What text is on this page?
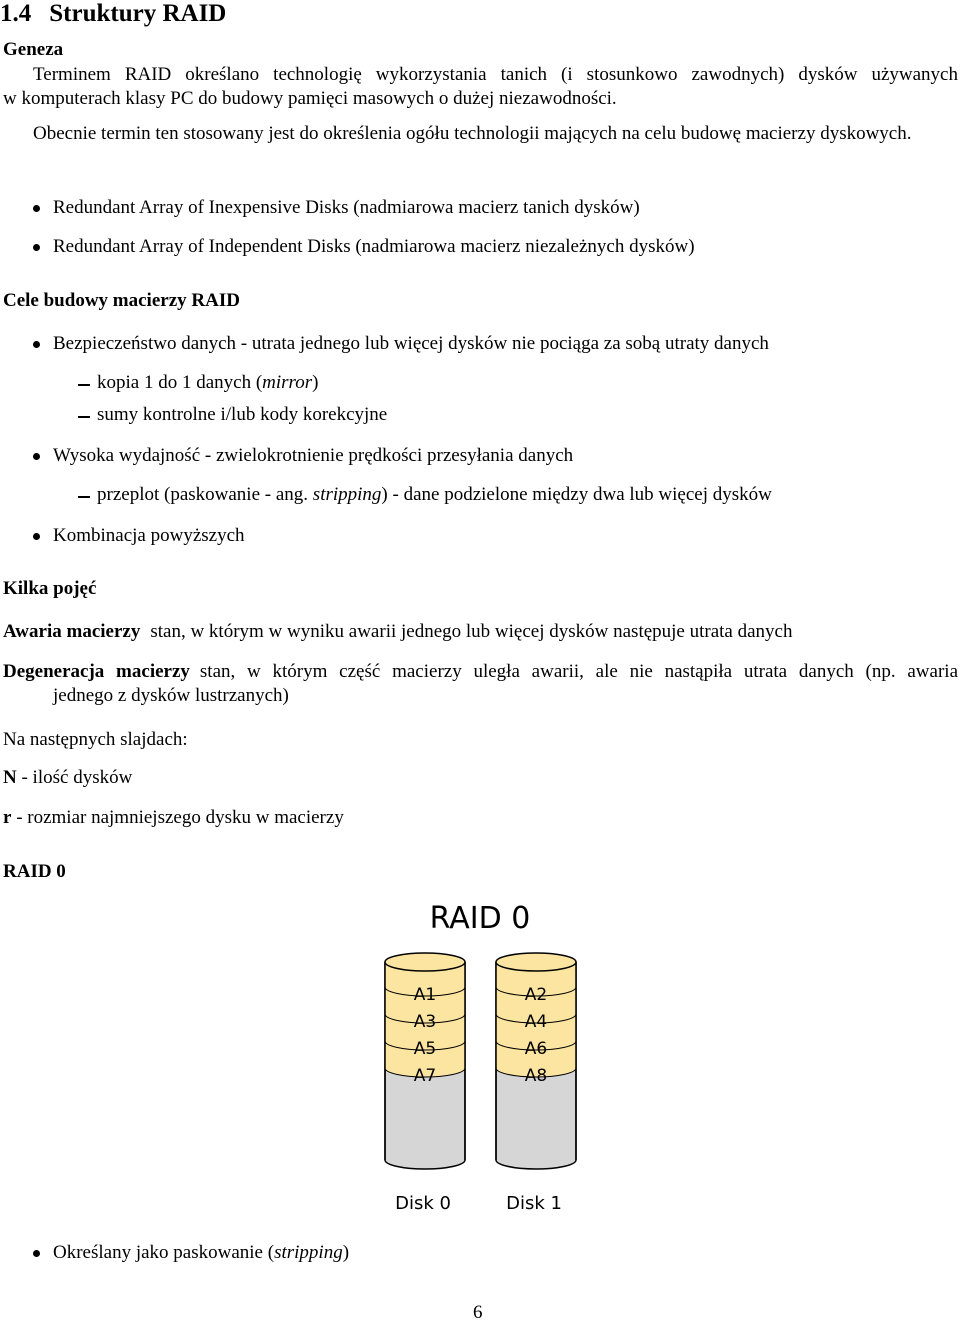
1.4 Struktury RAID
Geneza
Terminem RAID określano technologię wykorzystania tanich (i stosunkowo zawodnych) dysków używanych
w komputerach klasy PC do budowy pamięci masowych o dużej niezawodności.
Obecnie termin ten stosowany jest do określenia ogółu technologii mających na celu budowę macierzy dyskowych.
Redundant Array of Inexpensive Disks (nadmiarowa macierz tanich dysków)
Redundant Array of Independent Disks (nadmiarowa macierz niezależnych dysków)
Cele budowy macierzy RAID
Bezpieczeństwo danych - utrata jednego lub więcej dysków nie pociąga za sobą utraty danych
kopia 1 do 1 danych (mirror)
sumy kontrolne i/lub kody korekcyjne
Wysoka wydajność - zwielokrotnienie prędkości przesyłania danych
przeplot (paskowanie - ang. stripping) - dane podzielone między dwa lub więcej dysków
Kombinacja powyższych
Kilka pojęć
Awaria macierzy stan, w którym w wyniku awarii jednego lub więcej dysków następuje utrata danych
Degeneracja macierzy stan, w którym część macierzy uległa awarii, ale nie nastąpiła utrata danych (np. awaria
jednego z dysków lustrzanych)
Na następnych slajdach:
N - ilość dysków
r - rozmiar najmniejszego dysku w macierzy
RAID 0
RAID 0
A1
A3
A5
A7
A2
A4
A6
A8
Disk 0	Disk 1
Określany jako paskowanie (stripping)
6
